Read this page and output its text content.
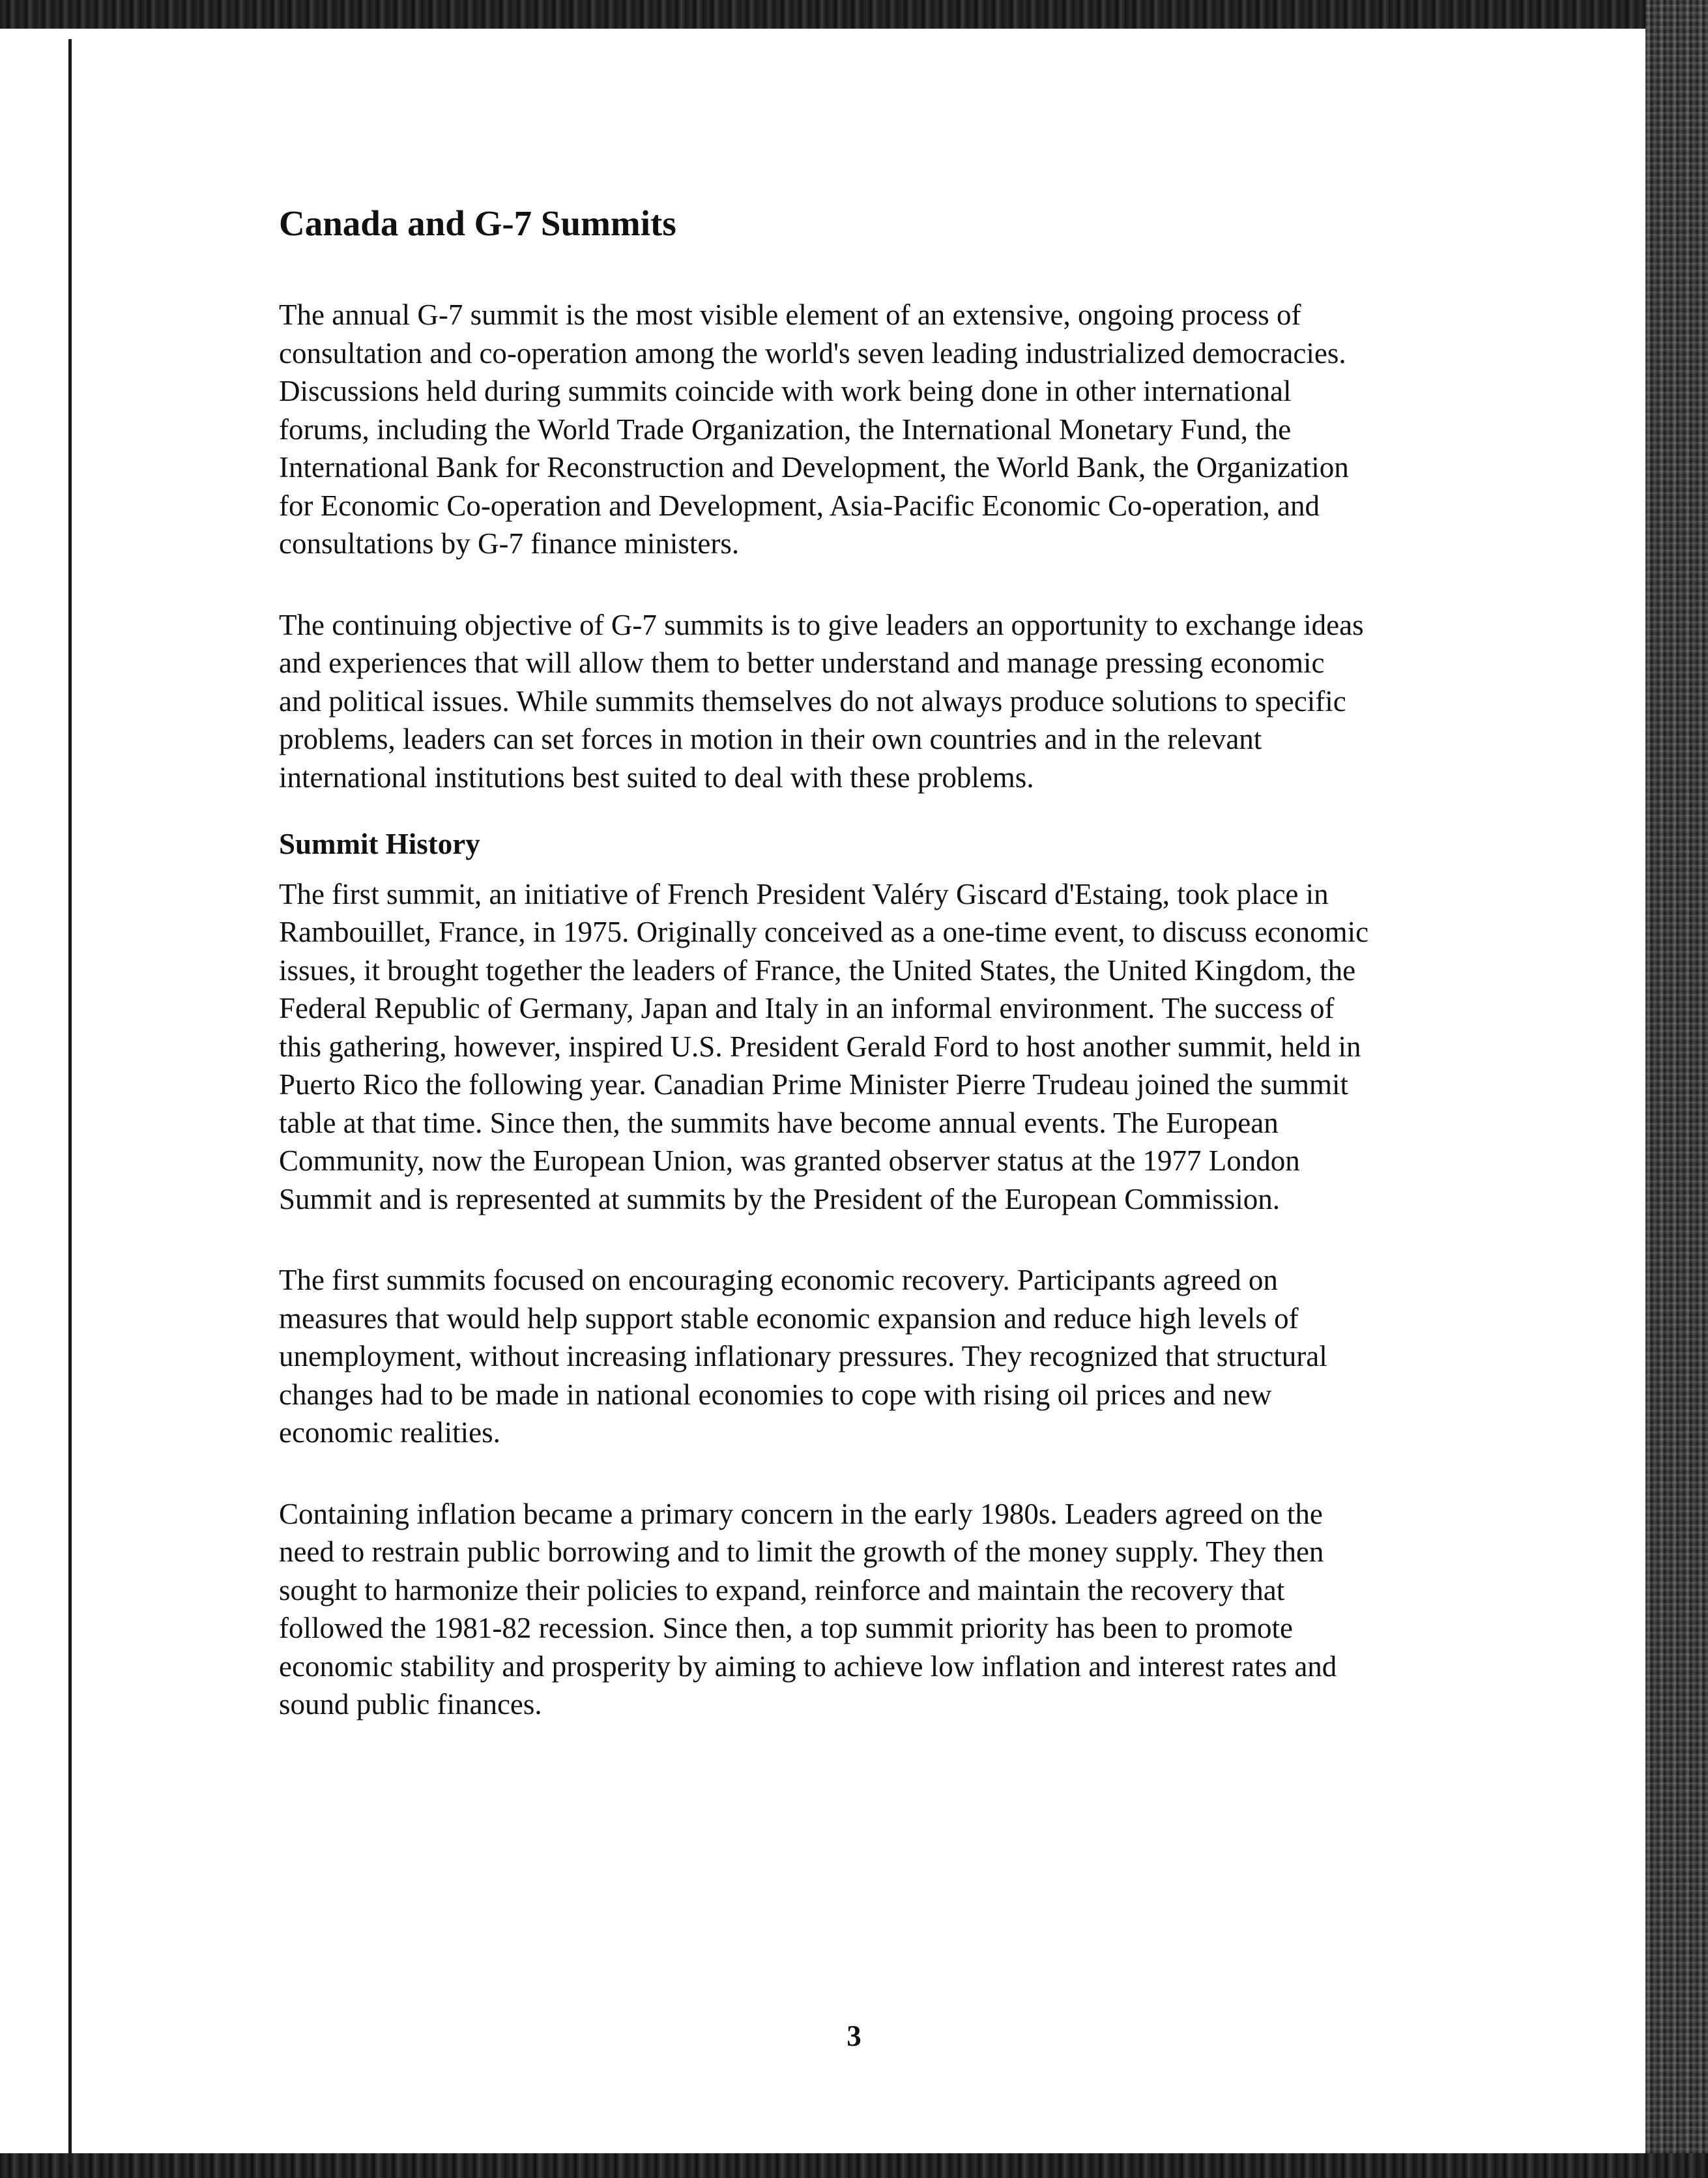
Canada and G-7 Summits

The annual G-7 summit is the most visible element of an extensive, ongoing process of consultation and co-operation among the world's seven leading industrialized democracies. Discussions held during summits coincide with work being done in other international forums, including the World Trade Organization, the International Monetary Fund, the International Bank for Reconstruction and Development, the World Bank, the Organization for Economic Co-operation and Development, Asia-Pacific Economic Co-operation, and consultations by G-7 finance ministers.

The continuing objective of G-7 summits is to give leaders an opportunity to exchange ideas and experiences that will allow them to better understand and manage pressing economic and political issues. While summits themselves do not always produce solutions to specific problems, leaders can set forces in motion in their own countries and in the relevant international institutions best suited to deal with these problems.

Summit History

The first summit, an initiative of French President Valéry Giscard d'Estaing, took place in Rambouillet, France, in 1975. Originally conceived as a one-time event, to discuss economic issues, it brought together the leaders of France, the United States, the United Kingdom, the Federal Republic of Germany, Japan and Italy in an informal environment. The success of this gathering, however, inspired U.S. President Gerald Ford to host another summit, held in Puerto Rico the following year. Canadian Prime Minister Pierre Trudeau joined the summit table at that time. Since then, the summits have become annual events. The European Community, now the European Union, was granted observer status at the 1977 London Summit and is represented at summits by the President of the European Commission.

The first summits focused on encouraging economic recovery. Participants agreed on measures that would help support stable economic expansion and reduce high levels of unemployment, without increasing inflationary pressures. They recognized that structural changes had to be made in national economies to cope with rising oil prices and new economic realities.

Containing inflation became a primary concern in the early 1980s. Leaders agreed on the need to restrain public borrowing and to limit the growth of the money supply. They then sought to harmonize their policies to expand, reinforce and maintain the recovery that followed the 1981-82 recession. Since then, a top summit priority has been to promote economic stability and prosperity by aiming to achieve low inflation and interest rates and sound public finances.

3
